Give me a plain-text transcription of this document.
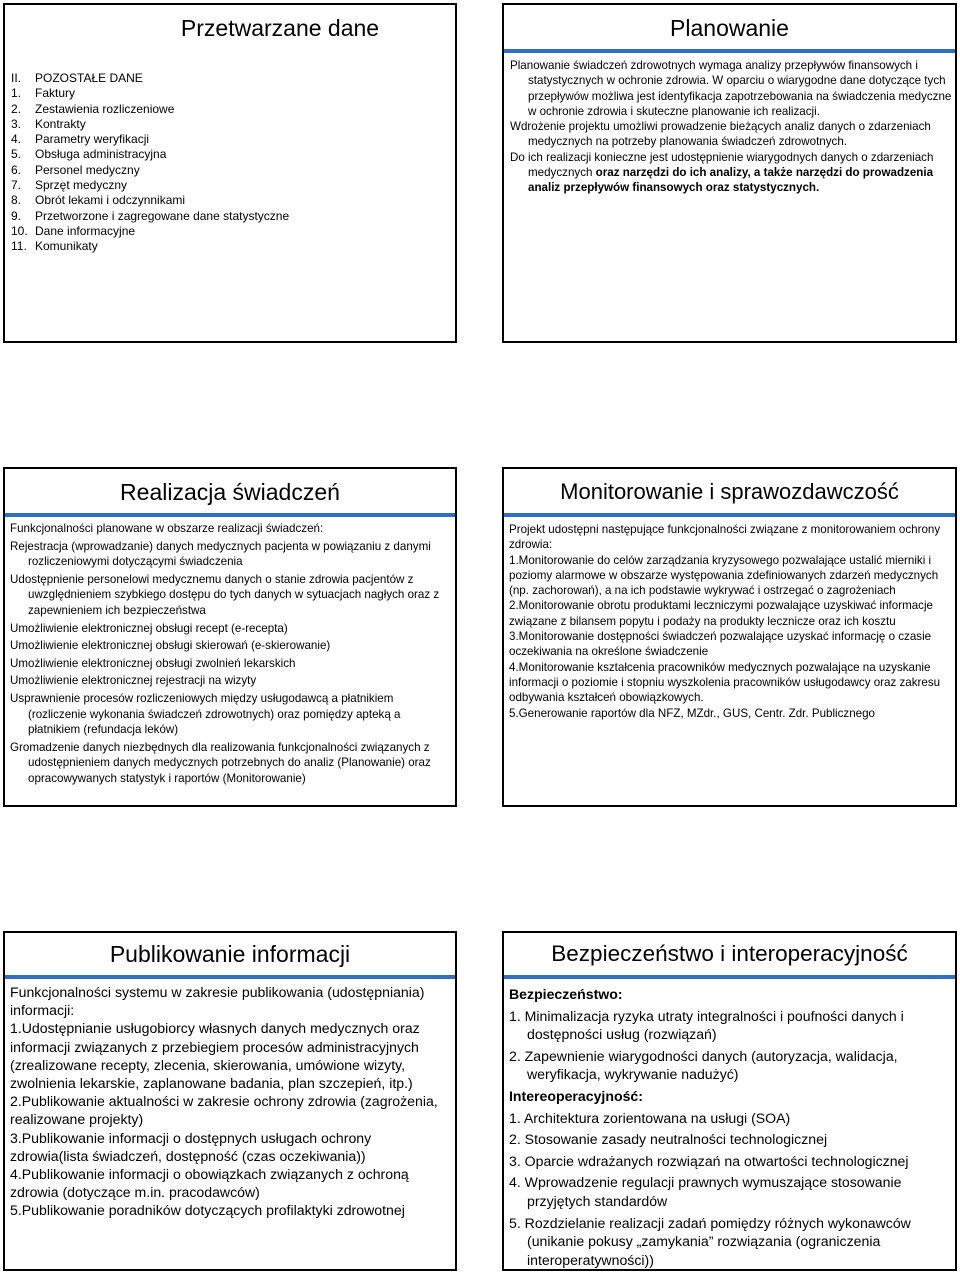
Przetwarzane dane
II. POZOSTAŁE DANE
1. Faktury
2. Zestawienia rozliczeniowe
3. Kontrakty
4. Parametry weryfikacji
5. Obsługa administracyjna
6. Personel medyczny
7. Sprzęt medyczny
8. Obrót lekami i odczynnikami
9. Przetworzone i zagregowane dane statystyczne
10. Dane informacyjne
11. Komunikaty
Planowanie

Planowanie świadczeń zdrowotnych wymaga analizy przepływów finansowych i statystycznych w ochronie zdrowia. W oparciu o wiarygodne dane dotyczące tych przepływów możliwa jest identyfikacja zapotrzebowania na świadczenia medyczne w ochronie zdrowia i skuteczne planowanie ich realizacji.

Wdrożenie projektu umożliwi prowadzenie bieżących analiz danych o zdarzeniach medycznych na potrzeby planowania świadczeń zdrowotnych.

Do ich realizacji konieczne jest udostępnienie wiarygodnych danych o zdarzeniach medycznych oraz narzędzi do ich analizy, a także narzędzi do prowadzenia analiz przepływów finansowych oraz statystycznych.

Realizacja świadczeń

Funkcjonalności planowane w obszarze realizacji świadczeń:

Rejestracja (wprowadzanie) danych medycznych pacjenta w powiązaniu z danymi rozliczeniowymi dotyczącymi świadczenia

Udostępnienie personelowi medycznemu danych o stanie zdrowia pacjentów z uwzględnieniem szybkiego dostępu do tych danych w sytuacjach nagłych oraz z zapewnieniem ich bezpieczeństwa

Umożliwienie elektronicznej obsługi recept (e-recepta)

Umożliwienie elektronicznej obsługi skierowań (e-skierowanie)

Umożliwienie elektronicznej obsługi zwolnień lekarskich

Umożliwienie elektronicznej rejestracji na wizyty

Usprawnienie procesów rozliczeniowych między usługodawcą a płatnikiem (rozliczenie wykonania świadczeń zdrowotnych) oraz pomiędzy apteką a płatnikiem (refundacja leków)

Gromadzenie danych niezbędnych dla realizowania funkcjonalności związanych z udostępnieniem danych medycznych potrzebnych do analiz (Planowanie) oraz opracowywanych statystyk i raportów (Monitorowanie)

Monitorowanie i sprawozdawczość

Projekt udostępni następujące funkcjonalności związane z monitorowaniem ochrony zdrowia:

1.Monitorowanie do celów zarządzania kryzysowego pozwalające ustalić mierniki i poziomy alarmowe w obszarze występowania zdefiniowanych zdarzeń medycznych (np. zachorowań), a na ich podstawie wykrywać i ostrzegać o zagrożeniach

2.Monitorowanie obrotu produktami leczniczymi pozwalające uzyskiwać informacje związane z bilansem popytu i podaży na produkty lecznicze oraz ich kosztu

3.Monitorowanie dostępności świadczeń pozwalające uzyskać informację o czasie oczekiwania na określone świadczenie

4.Monitorowanie kształcenia pracowników medycznych pozwalające na uzyskanie informacji o poziomie i stopniu wyszkolenia pracowników usługodawcy oraz zakresu odbywania kształceń obowiązkowych.

5.Generowanie raportów dla NFZ, MZdr., GUS, Centr. Zdr. Publicznego

Publikowanie informacji

Funkcjonalności systemu w zakresie publikowania (udostępniania) informacji:

1.Udostępnianie usługobiorcy własnych danych medycznych oraz informacji związanych z przebiegiem procesów administracyjnych (zrealizowane recepty, zlecenia, skierowania, umówione wizyty, zwolnienia lekarskie, zaplanowane badania, plan szczepień, itp.)

2.Publikowanie aktualności w zakresie ochrony zdrowia (zagrożenia, realizowane projekty)

3.Publikowanie informacji o dostępnych usługach ochrony zdrowia(lista świadczeń, dostępność (czas oczekiwania))

4.Publikowanie informacji o obowiązkach związanych z ochroną zdrowia (dotyczące m.in. pracodawców)

5.Publikowanie poradników dotyczących profilaktyki zdrowotnej

Bezpieczeństwo i interoperacyjność

Bezpieczeństwo:

1. Minimalizacja ryzyka utraty integralności i poufności danych i dostępności usług (rozwiązań)

2. Zapewnienie wiarygodności danych (autoryzacja, walidacja, weryfikacja, wykrywanie nadużyć)

Intereoperacyjność:

1. Architektura zorientowana na usługi (SOA)

2. Stosowanie zasady neutralności technologicznej

3. Oparcie wdrażanych rozwiązań na otwartości technologicznej

4. Wprowadzenie regulacji prawnych wymuszające stosowanie przyjętych standardów

5. Rozdzielanie realizacji zadań pomiędzy różnych wykonawców (unikanie pokusy „zamykania” rozwiązania (ograniczenia interoperatywności))
